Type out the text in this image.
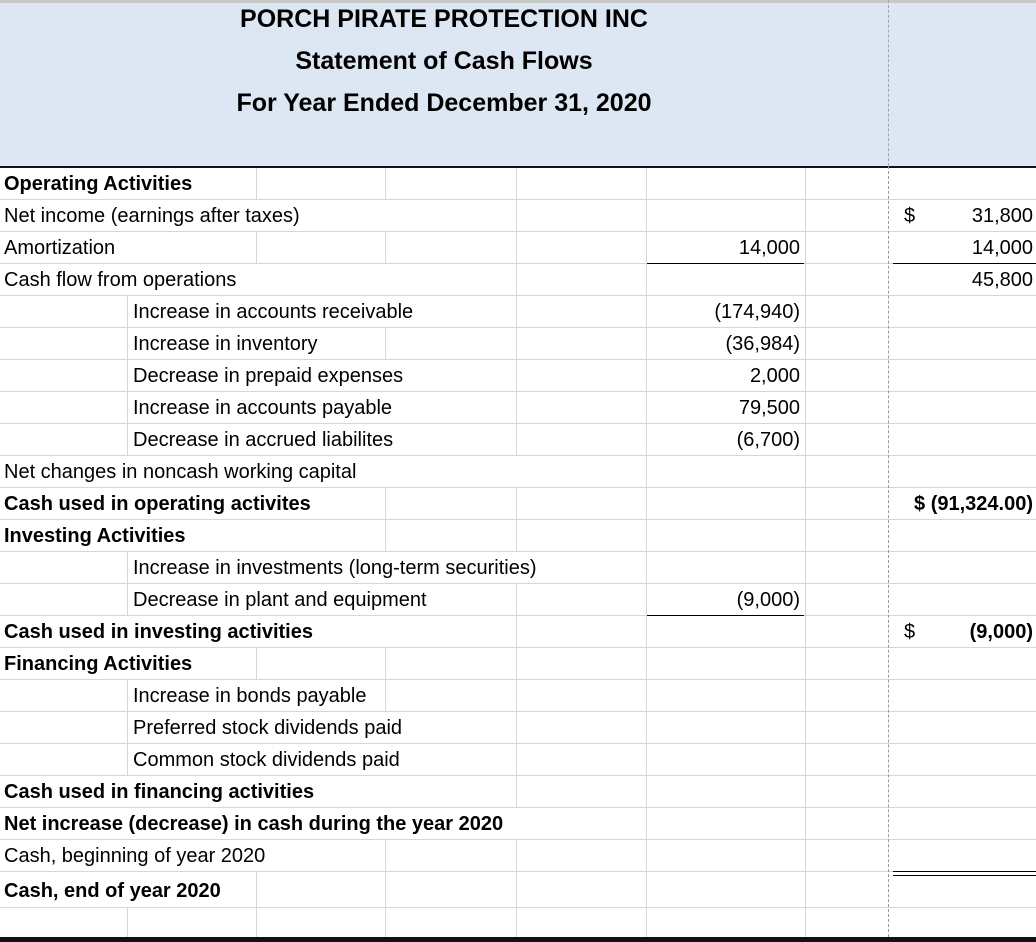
PORCH PIRATE PROTECTION INC
Statement of Cash Flows
For Year Ended December 31, 2020
Operating Activities
Net income (earnings after taxes)	$	31,800
Amortization	14,000	14,000
Cash flow from operations	45,800
Increase in accounts receivable	(174,940)
Increase in inventory	(36,984)
Decrease in prepaid expenses	2,000
Increase in accounts payable	79,500
Decrease in accrued liabilites	(6,700)
Net changes in noncash working capital
Cash used in operating activites	$ (91,324.00)
Investing Activities
Increase in investments (long-term securities)
Decrease in plant and equipment	(9,000)
Cash used in investing activities	$	(9,000)
Financing Activities
Increase in bonds payable
Preferred stock dividends paid
Common stock dividends paid
Cash used in financing activities
Net increase (decrease) in cash during the year 2020
Cash, beginning of year 2020
Cash, end of year 2020
